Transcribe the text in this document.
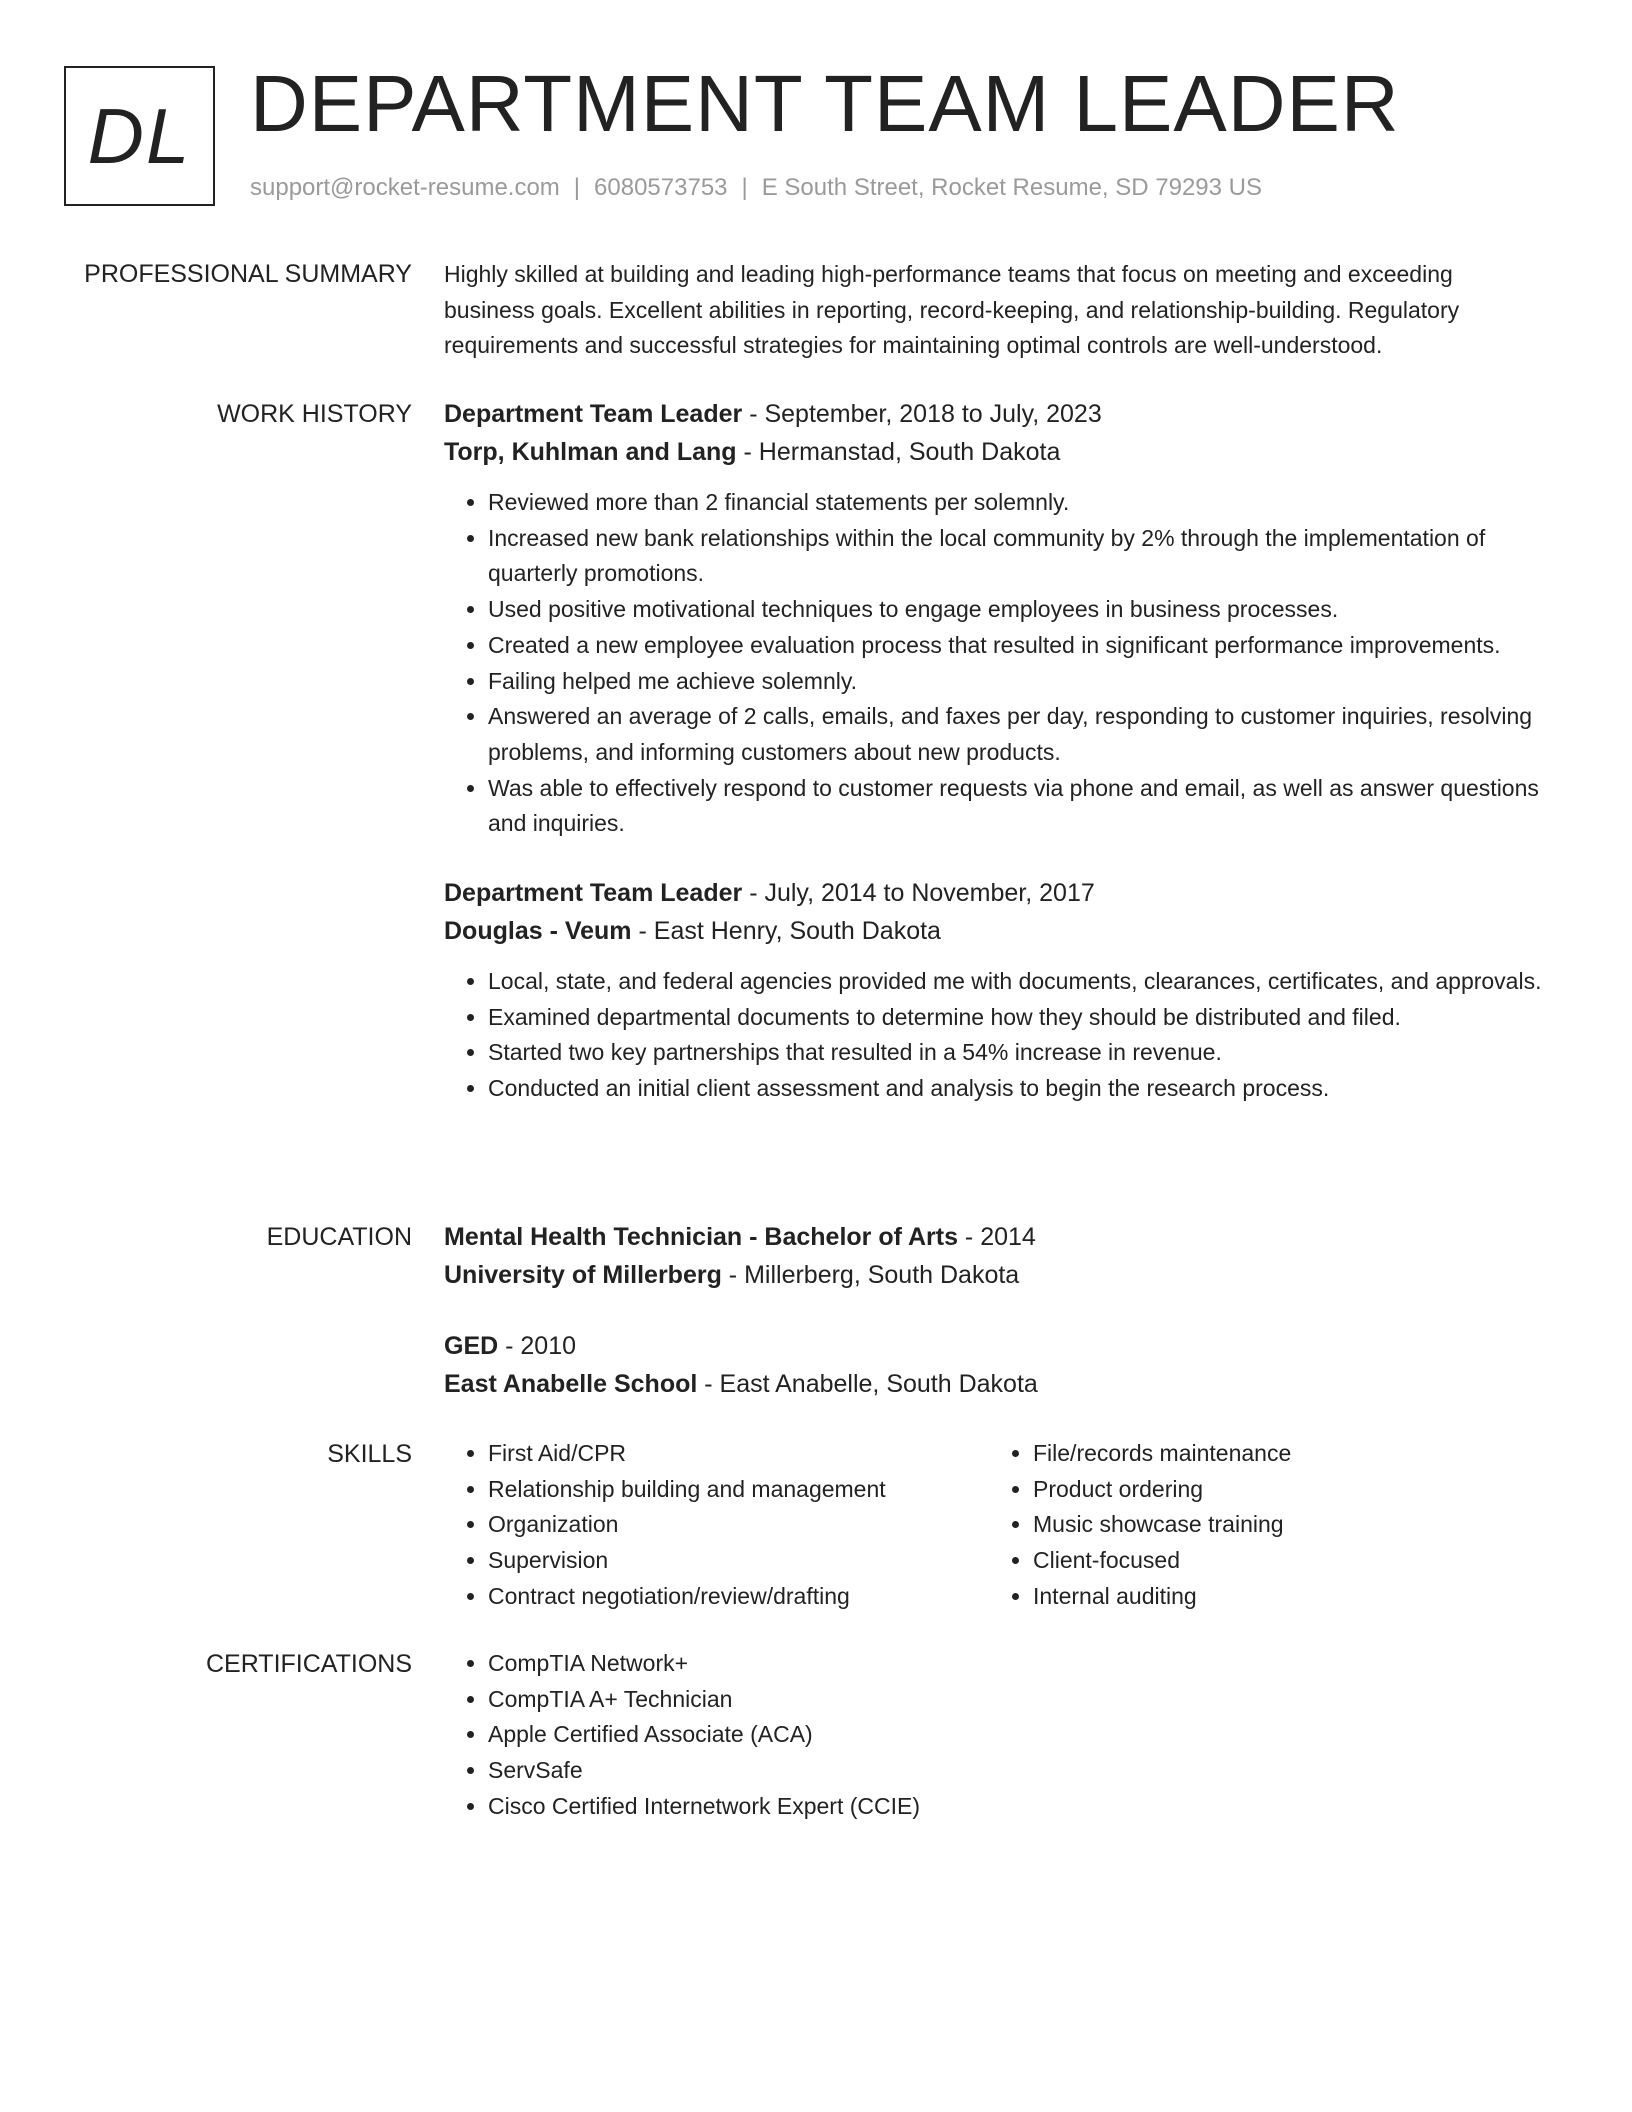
DL DEPARTMENT TEAM LEADER
support@rocket-resume.com | 6080573753 | E South Street, Rocket Resume, SD 79293 US
PROFESSIONAL SUMMARY Highly skilled at building and leading high-performance teams that focus on meeting and exceeding business goals. Excellent abilities in reporting, record-keeping, and relationship-building. Regulatory requirements and successful strategies for maintaining optimal controls are well-understood.

WORK HISTORY Department Team Leader - September, 2018 to July, 2023

Torp, Kuhlman and Lang - Hermanstad, South Dakota

• Reviewed more than 2 financial statements per solemnly.
• Increased new bank relationships within the local community by 2% through the implementation of quarterly promotions.
• Used positive motivational techniques to engage employees in business processes.
• Created a new employee evaluation process that resulted in significant performance improvements.
• Failing helped me achieve solemnly.
• Answered an average of 2 calls, emails, and faxes per day, responding to customer inquiries, resolving problems, and informing customers about new products.
• Was able to effectively respond to customer requests via phone and email, as well as answer questions and inquiries.

Department Team Leader - July, 2014 to November, 2017

Douglas - Veum - East Henry, South Dakota

• Local, state, and federal agencies provided me with documents, clearances, certificates, and approvals.
• Examined departmental documents to determine how they should be distributed and filed.
• Started two key partnerships that resulted in a 54% increase in revenue.
• Conducted an initial client assessment and analysis to begin the research process.
EDUCATION Mental Health Technician - Bachelor of Arts - 2014

University of Millerberg - Millerberg, South Dakota

GED - 2010

East Anabelle School - East Anabelle, South Dakota

SKILLS	• First Aid/CPR
• Relationship building and management
• Organization
• Supervision
• Contract negotiation/review/drafting
• File/records maintenance
• Product ordering
• Music showcase training
• Client-focused
• Internal auditing
CERTIFICATIONS	• CompTIA Network+
• CompTIA A+ Technician
• Apple Certified Associate (ACA)
• ServSafe
• Cisco Certified Internetwork Expert (CCIE)
